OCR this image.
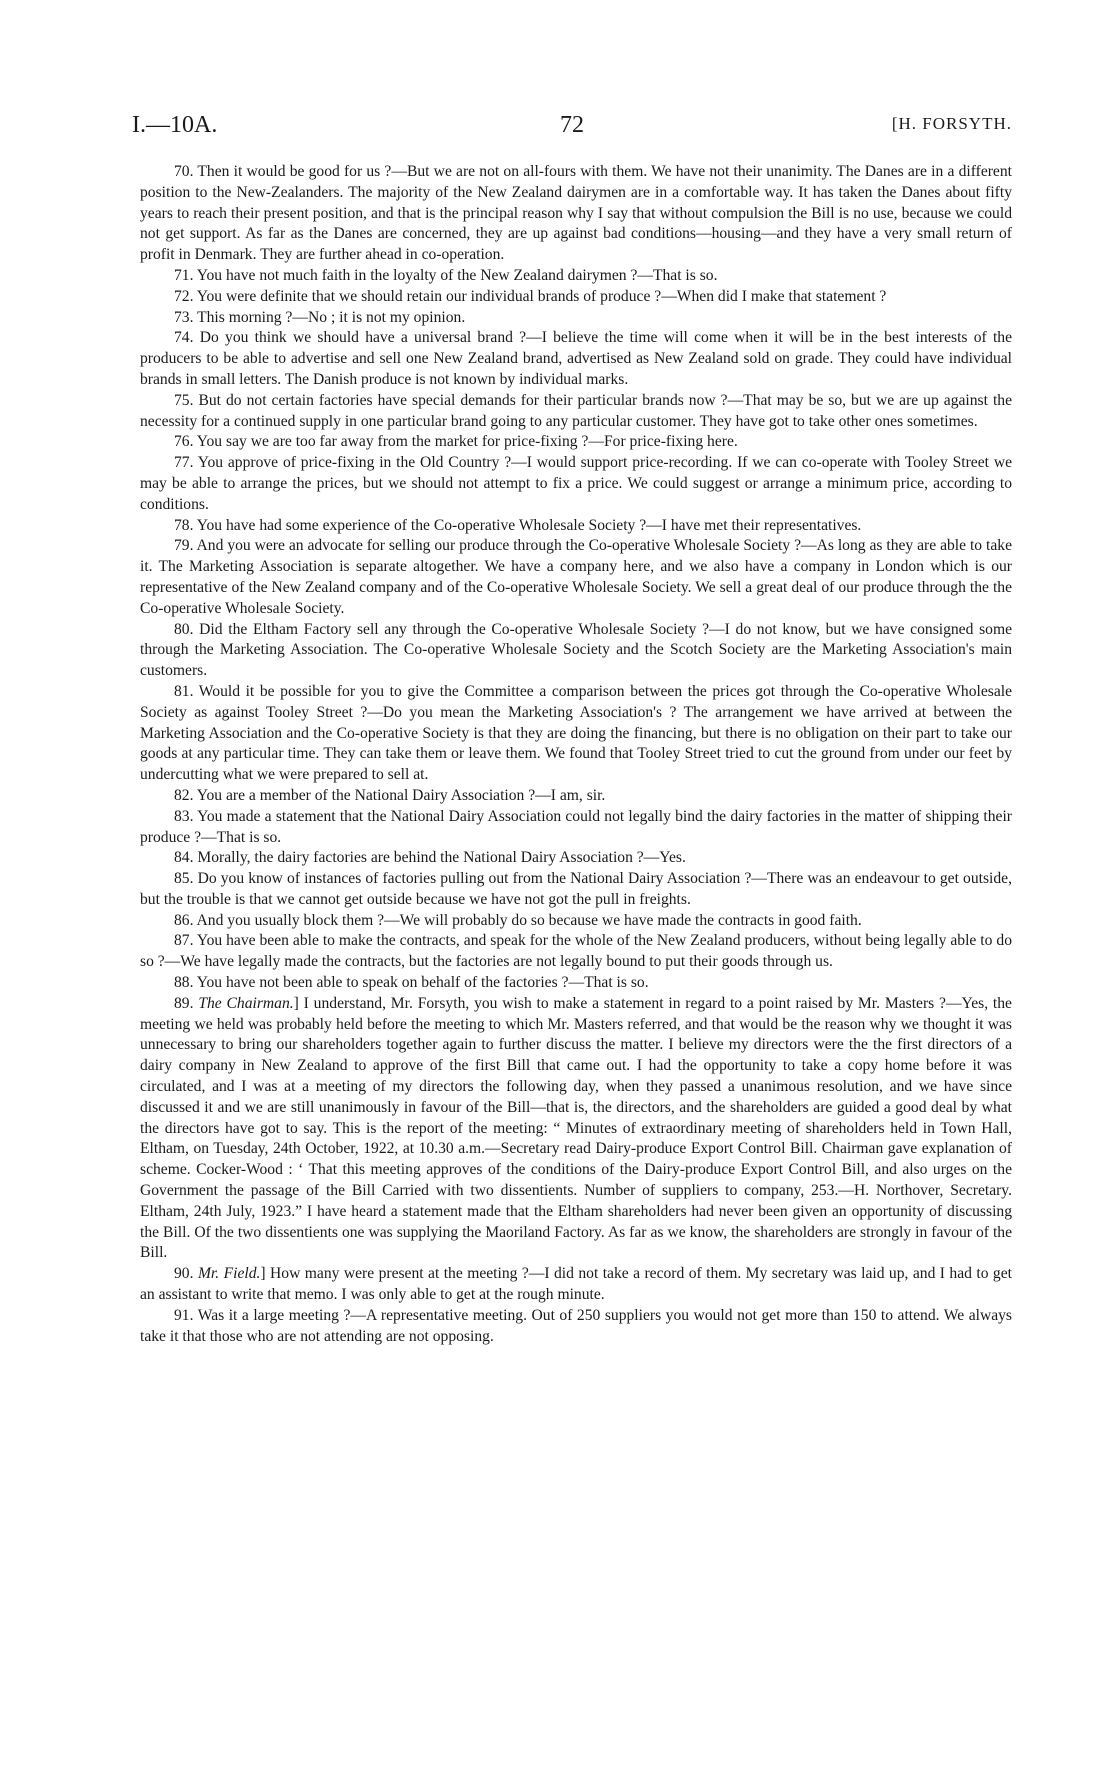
I.—10A.	72	[H. FORSYTH.

70. Then it would be good for us ?—But we are not on all-fours with them. We have not their unanimity. The Danes are in a different position to the New-Zealanders. The majority of the New Zealand dairymen are in a comfortable way. It has taken the Danes about fifty years to reach their present position, and that is the principal reason why I say that without compulsion the Bill is no use, because we could not get support. As far as the Danes are concerned, they are up against bad conditions—housing—and they have a very small return of profit in Denmark. They are further ahead in co-operation.

71. You have not much faith in the loyalty of the New Zealand dairymen ?—That is so.

72. You were definite that we should retain our individual brands of produce ?—When did I make that statement ?

73. This morning ?—No ; it is not my opinion.

74. Do you think we should have a universal brand ?—I believe the time will come when it will be in the best interests of the producers to be able to advertise and sell one New Zealand brand, advertised as New Zealand sold on grade. They could have individual brands in small letters. The Danish produce is not known by individual marks.

75. But do not certain factories have special demands for their particular brands now ?—That may be so, but we are up against the necessity for a continued supply in one particular brand going to any particular customer. They have got to take other ones sometimes.

76. You say we are too far away from the market for price-fixing ?—For price-fixing here.

77. You approve of price-fixing in the Old Country ?—I would support price-recording. If we can co-operate with Tooley Street we may be able to arrange the prices, but we should not attempt to fix a price. We could suggest or arrange a minimum price, according to conditions.

78. You have had some experience of the Co-operative Wholesale Society ?—I have met their representatives.

79. And you were an advocate for selling our produce through the Co-operative Wholesale Society ?—As long as they are able to take it. The Marketing Association is separate altogether. We have a company here, and we also have a company in London which is our representative of the New Zealand company and of the Co-operative Wholesale Society. We sell a great deal of our produce through the the Co-operative Wholesale Society.

80. Did the Eltham Factory sell any through the Co-operative Wholesale Society ?—I do not know, but we have consigned some through the Marketing Association. The Co-operative Wholesale Society and the Scotch Society are the Marketing Association's main customers.

81. Would it be possible for you to give the Committee a comparison between the prices got through the Co-operative Wholesale Society as against Tooley Street ?—Do you mean the Marketing Association's ? The arrangement we have arrived at between the Marketing Association and the Co-operative Society is that they are doing the financing, but there is no obligation on their part to take our goods at any particular time. They can take them or leave them. We found that Tooley Street tried to cut the ground from under our feet by undercutting what we were prepared to sell at.

82. You are a member of the National Dairy Association ?—I am, sir.

83. You made a statement that the National Dairy Association could not legally bind the dairy factories in the matter of shipping their produce ?—That is so.

84. Morally, the dairy factories are behind the National Dairy Association ?—Yes.

85. Do you know of instances of factories pulling out from the National Dairy Association ?—There was an endeavour to get outside, but the trouble is that we cannot get outside because we have not got the pull in freights.

86. And you usually block them ?—We will probably do so because we have made the contracts in good faith.

87. You have been able to make the contracts, and speak for the whole of the New Zealand producers, without being legally able to do so ?—We have legally made the contracts, but the factories are not legally bound to put their goods through us.

88. You have not been able to speak on behalf of the factories ?—That is so.

89. The Chairman.] I understand, Mr. Forsyth, you wish to make a statement in regard to a point raised by Mr. Masters ?—Yes, the meeting we held was probably held before the meeting to which Mr. Masters referred, and that would be the reason why we thought it was unnecessary to bring our shareholders together again to further discuss the matter. I believe my directors were the the first directors of a dairy company in New Zealand to approve of the first Bill that came out. I had the opportunity to take a copy home before it was circulated, and I was at a meeting of my directors the following day, when they passed a unanimous resolution, and we have since discussed it and we are still unanimously in favour of the Bill—that is, the directors, and the shareholders are guided a good deal by what the directors have got to say. This is the report of the meeting: “ Minutes of extraordinary meeting of shareholders held in Town Hall, Eltham, on Tuesday, 24th October, 1922, at 10.30 a.m.—Secretary read Dairy-produce Export Control Bill. Chairman gave explanation of scheme. Cocker-Wood : ‘ That this meeting approves of the conditions of the Dairy-produce Export Control Bill, and also urges on the Government the passage of the Bill Carried with two dissentients. Number of suppliers to company, 253.—H. Northover, Secretary. Eltham, 24th July, 1923.” I have heard a statement made that the Eltham shareholders had never been given an opportunity of discussing the Bill. Of the two dissentients one was supplying the Maoriland Factory. As far as we know, the shareholders are strongly in favour of the Bill.

90. Mr. Field.] How many were present at the meeting ?—I did not take a record of them. My secretary was laid up, and I had to get an assistant to write that memo. I was only able to get at the rough minute.

91. Was it a large meeting ?—A representative meeting. Out of 250 suppliers you would not get more than 150 to attend. We always take it that those who are not attending are not opposing.
